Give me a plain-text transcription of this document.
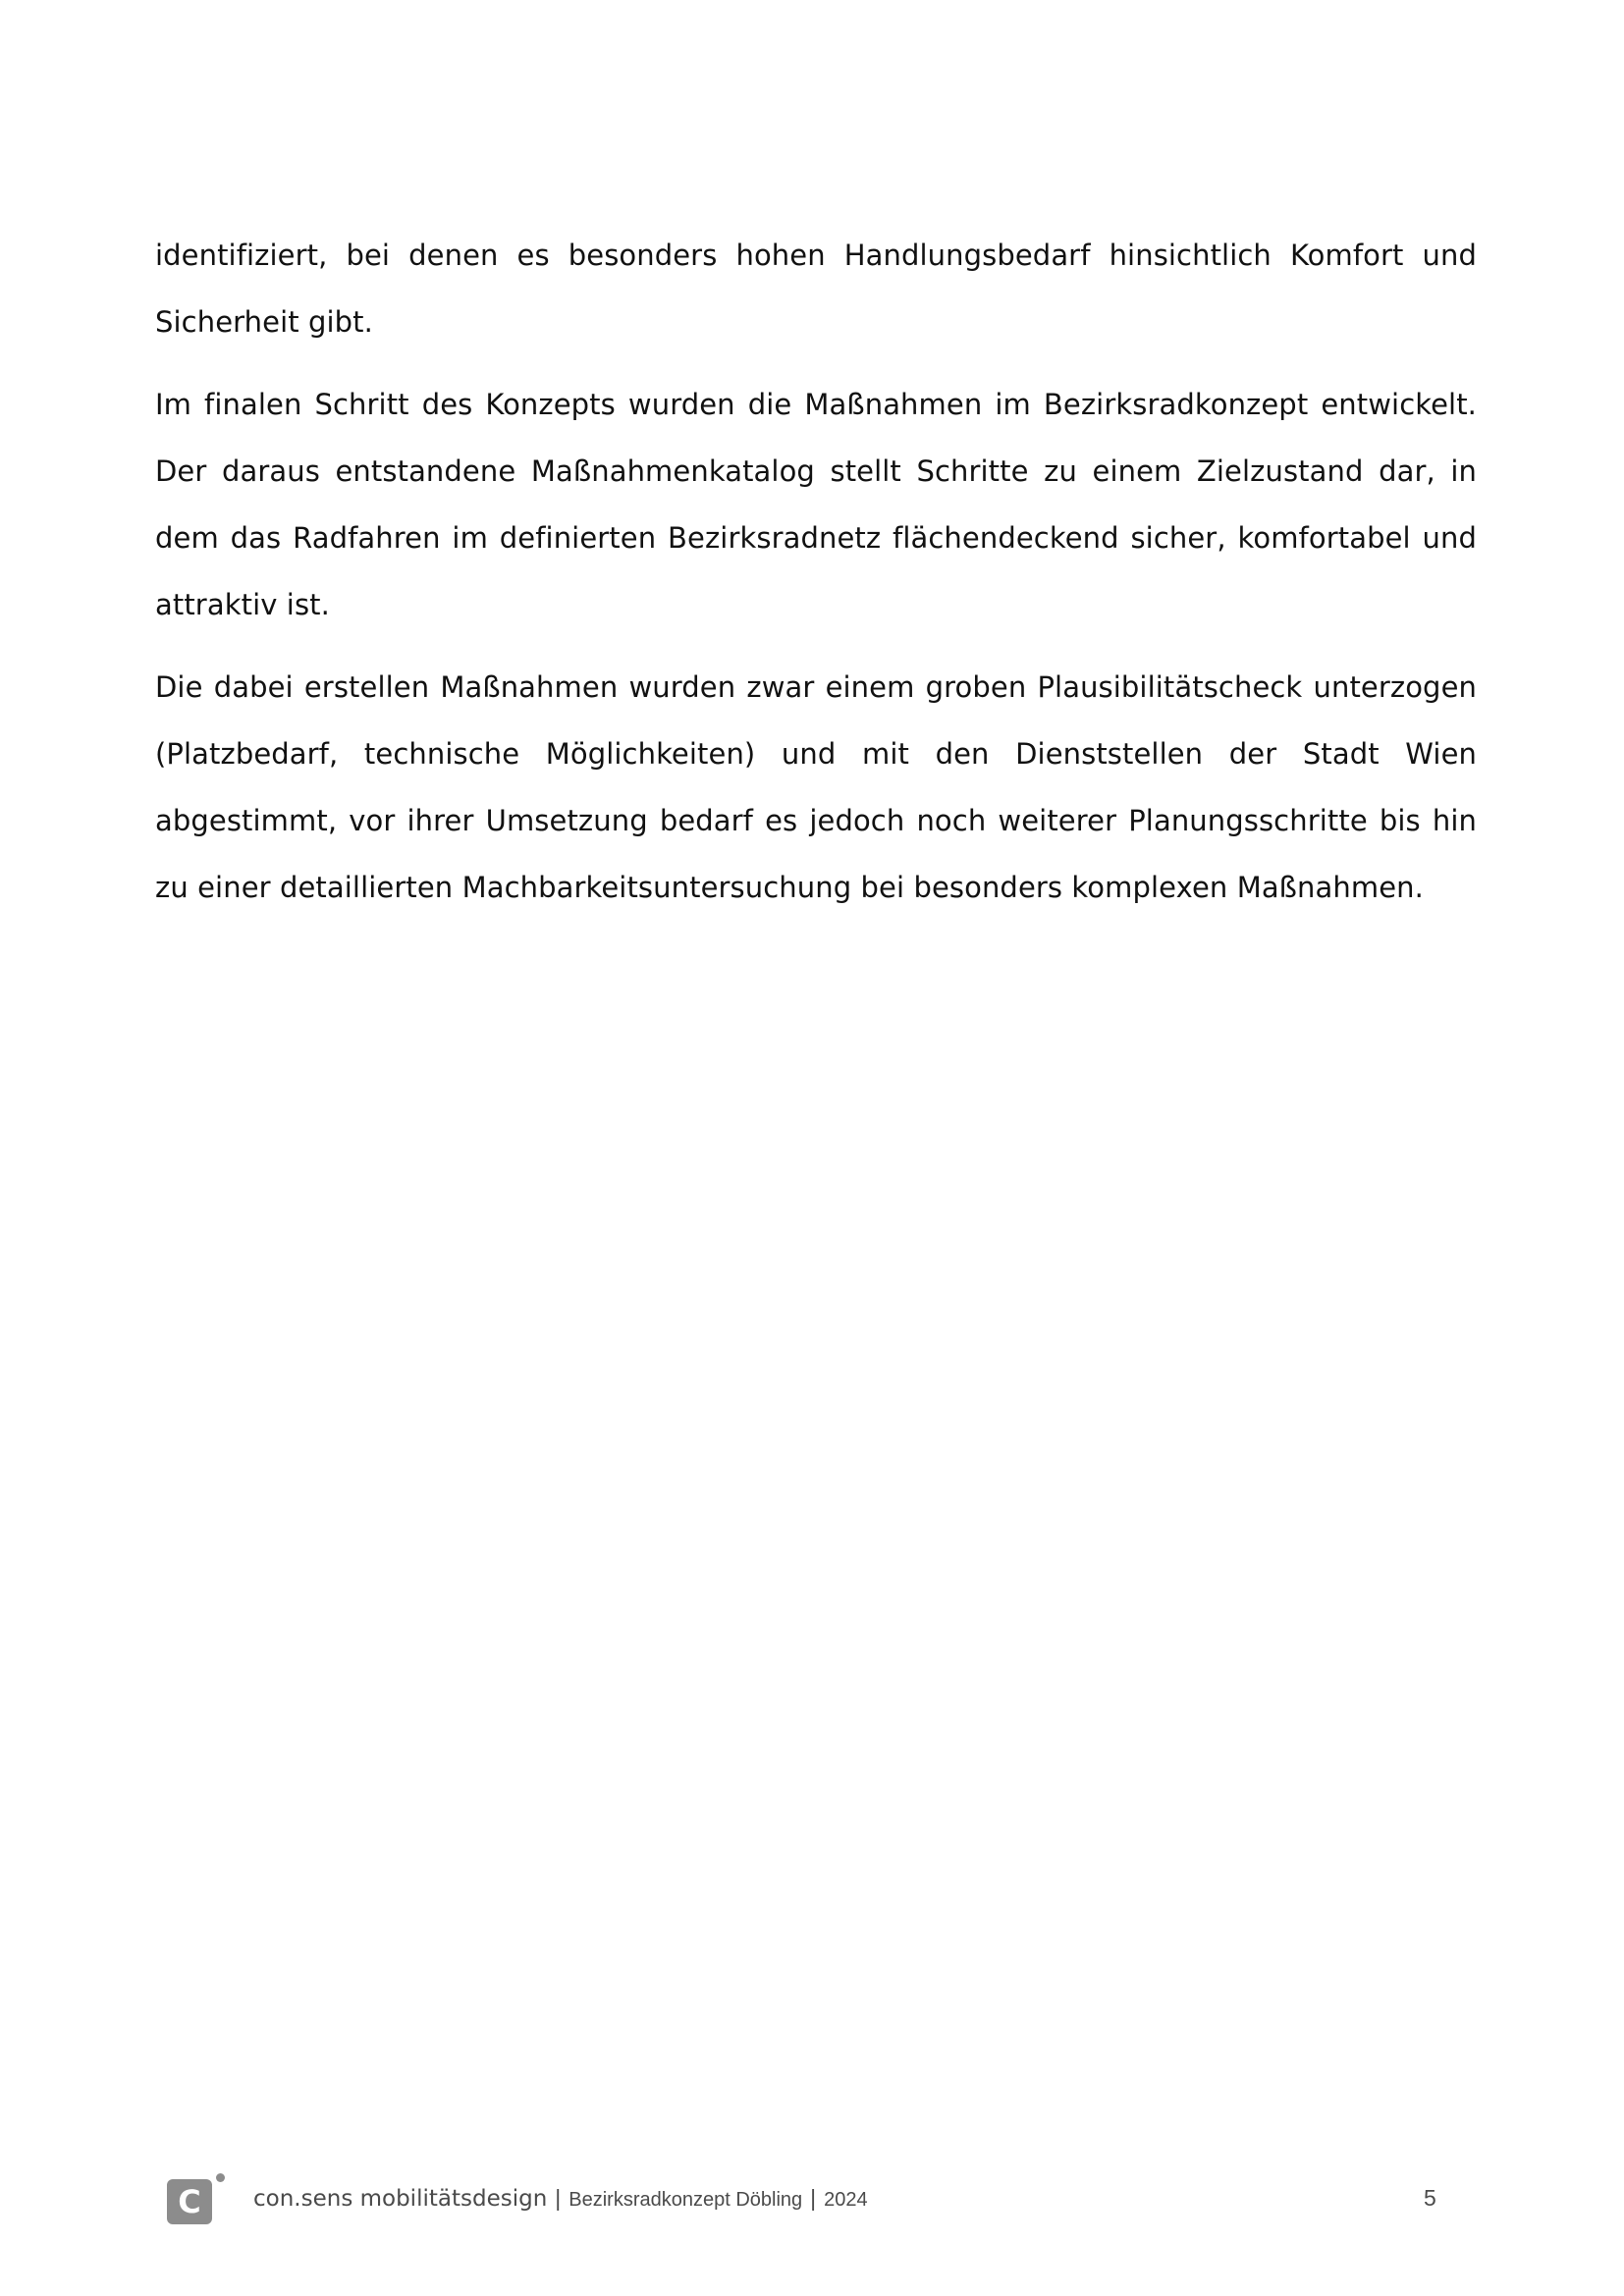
identifiziert, bei denen es besonders hohen Handlungsbedarf hinsichtlich Komfort und Sicherheit gibt.

Im finalen Schritt des Konzepts wurden die Maßnahmen im Bezirksradkonzept entwickelt. Der daraus entstandene Maßnahmenkatalog stellt Schritte zu einem Zielzustand dar, in dem das Radfahren im definierten Bezirksradnetz flächendeckend sicher, komfortabel und attraktiv ist.

Die dabei erstellen Maßnahmen wurden zwar einem groben Plausibilitätscheck unterzogen (Platzbedarf, technische Möglichkeiten) und mit den Dienststellen der Stadt Wien abgestimmt, vor ihrer Umsetzung bedarf es jedoch noch weiterer Planungsschritte bis hin zu einer detaillierten Machbarkeitsuntersuchung bei besonders komplexen Maßnahmen.

C	con.sens mobilitätsdesign | Bezirksradkonzept Döbling | 2024	5
